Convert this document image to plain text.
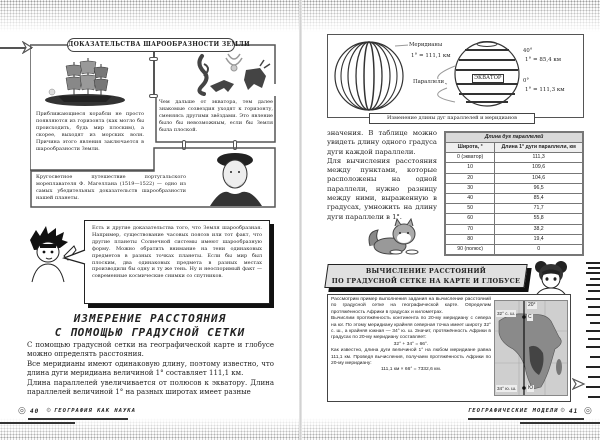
ДОКАЗАТЕЛЬСТВА ШАРООБРАЗНОСТИ ЗЕМЛИ
Приближающиеся корабли не просто появляются из горизонта (как могло бы происходить, будь мир плоским), а скорее, выходят из морских волн. Причина этого явления заключается в шарообразности Земли.
Чем дальше от экватора, тем далее знакомые созвездия уходят к горизонту, сменяясь другими звёздами. Это явление было бы невозможным, если бы Земля была плоской.
Кругосветное путешествие португальского мореплавателя Ф. Магеллана (1519—1522) — одно из самых убедительных доказательств шарообразности нашей планеты.
Есть и другие доказательства того, что Земля шарообразная. Например, существование часовых поясов или тот факт, что другие планеты Солнечной системы имеют шарообразную форму. Можно обратить внимание на тени одинаковых предметов в разных точках планеты. Если бы мир был плоским, два одинаковых предмета в разных местах производили бы одну и ту же тень. Ну и неоспоримый факт — современные космические снимки со спутников.
ИЗМЕРЕНИЕ РАССТОЯНИЯ
С ПОМОЩЬЮ ГРАДУСНОЙ СЕТКИ

С помощью градусной сетки на географической карте и глобусе можно определять расстояния.

Все меридианы имеют одинаковую длину, поэтому известно, что длина дуги меридиана величиной 1° составляет 111,1 км.

Длина параллелей увеличивается от полюсов к экватору. Длина параллелей величиной 1° на разных широтах имеет разные

◎ 40 ⚙ ГЕОГРАФИЯ КАК НАУКА
Меридианы
1° = 111,1 км
Параллели
ЭКВАТОР
40°
1° = 85,4 км
0°
1° = 111,3 км
Изменение длины дуг параллелей и меридианов

значения. В таблице можно увидеть длину одного градуса дуги каждой параллели.

Для вычисления расстояния между пунктами, которые расположены на одной параллели, нужно разницу между ними, выраженную в градусах, умножить на длину дуги параллели в 1°.

Длина дуг параллелей	
Широта, °	Длина 1° дуги параллели, км
0 (экватор)	111,3
10	109,6
20	104,6
30	96,5
40	85,4
50	71,7
60	55,8
70	38,2
80	19,4
90 (полюс)	0
ВЫЧИСЛЕНИЕ РАССТОЯНИЙ
ПО ГРАДУСНОЙ СЕТКЕ НА КАРТЕ И ГЛОБУСЕ

Рассмотрим пример выполнения задания на вычисление расстояний по градусной сетке на географической карте. Определим протяжённость Африки в градусах и километрах.

Вычислим протяжённость континента по 20-му меридиану с севера на юг. По этому меридиану крайняя северная точка имеет широту 32° с. ш., а крайняя южная — 34° ю. ш. Значит, протяжённость Африки в градусах по 20-му меридиану составляет:

32° + 34° = 66°.

Как известно, длина дуги величиной 1° на любом меридиане равна 111,1 км. Проведя вычисления, получаем протяжённость Африки по 20-му меридиану:

111,1 км × 66° = 7332,6 км.

20°
32° с. ш.
С
34° ю. ш. Ю
ГЕОГРАФИЧЕСКИЕ МОДЕЛИ ⚙ 41 ◎
